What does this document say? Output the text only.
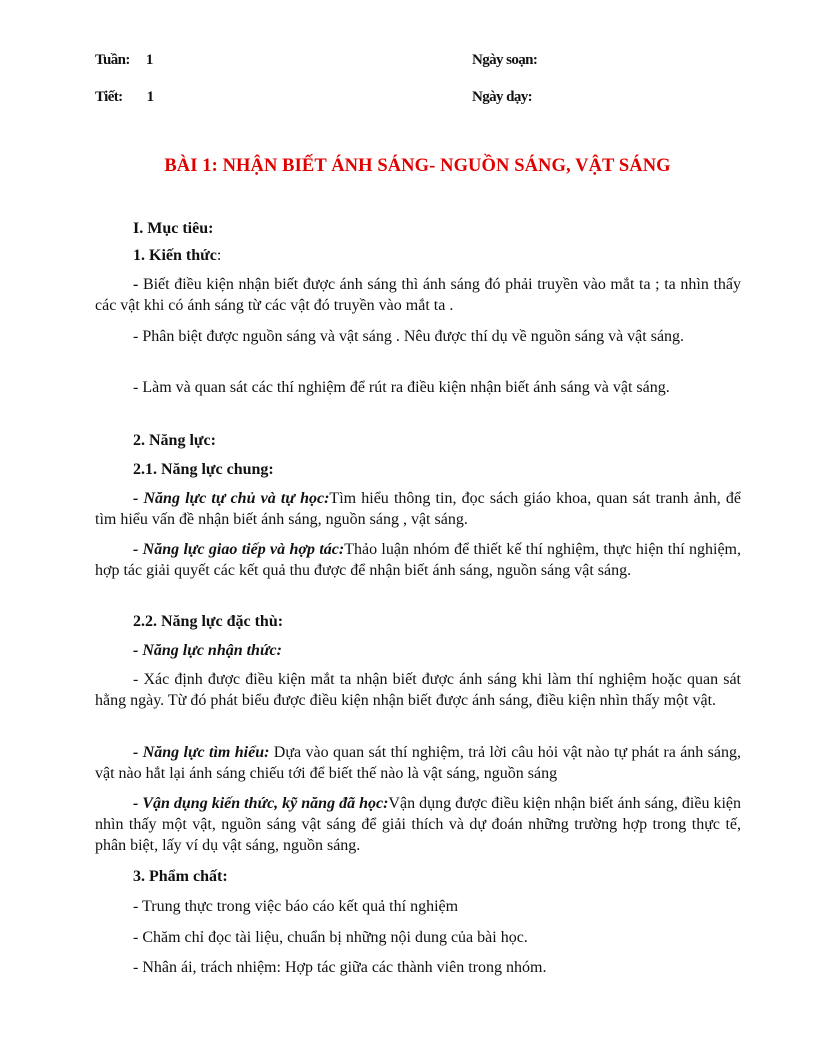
Tuần: 1	Ngày soạn:
Tiết: 1	Ngày dạy:
BÀI 1: NHẬN BIẾT ÁNH SÁNG- NGUỒN SÁNG, VẬT SÁNG
I. Mục tiêu:
1. Kiến thức:
- Biết điều kiện nhận biết được ánh sáng thì ánh sáng đó phải truyền vào mắt ta ; ta nhìn thấy các vật khi có ánh sáng từ các vật đó truyền vào mắt ta .
- Phân biệt được nguồn sáng và vật sáng . Nêu được thí dụ về nguồn sáng và vật sáng.
- Làm và quan sát các thí nghiệm để rút ra điều kiện nhận biết ánh sáng và vật sáng.
2. Năng lực:
2.1. Năng lực chung:
- Năng lực tự chủ và tự học:Tìm hiểu thông tin, đọc sách giáo khoa, quan sát tranh ảnh, để tìm hiểu vấn đề nhận biết ánh sáng, nguồn sáng , vật sáng.
- Năng lực giao tiếp và hợp tác:Thảo luận nhóm để thiết kế thí nghiệm, thực hiện thí nghiệm, hợp tác giải quyết các kết quả thu được để nhận biết ánh sáng, nguồn sáng vật sáng.
2.2. Năng lực đặc thù:
- Năng lực nhận thức:
- Xác định được điều kiện mắt ta nhận biết được ánh sáng khi làm thí nghiệm hoặc quan sát hằng ngày. Từ đó phát biểu được điều kiện nhận biết được ánh sáng, điều kiện nhìn thấy một vật.
- Năng lực tìm hiểu: Dựa vào quan sát thí nghiệm, trả lời câu hỏi vật nào tự phát ra ánh sáng, vật nào hắt lại ánh sáng chiếu tới để biết thế nào là vật sáng, nguồn sáng
- Vận dụng kiến thức, kỹ năng đã học:Vận dụng được điều kiện nhận biết ánh sáng, điều kiện nhìn thấy một vật, nguồn sáng vật sáng để giải thích và dự đoán những trường hợp trong thực tế, phân biệt, lấy ví dụ vật sáng, nguồn sáng.
3. Phẩm chất:
- Trung thực trong việc báo cáo kết quả thí nghiệm
- Chăm chỉ đọc tài liệu, chuẩn bị những nội dung của bài học.
- Nhân ái, trách nhiệm: Hợp tác giữa các thành viên trong nhóm.
